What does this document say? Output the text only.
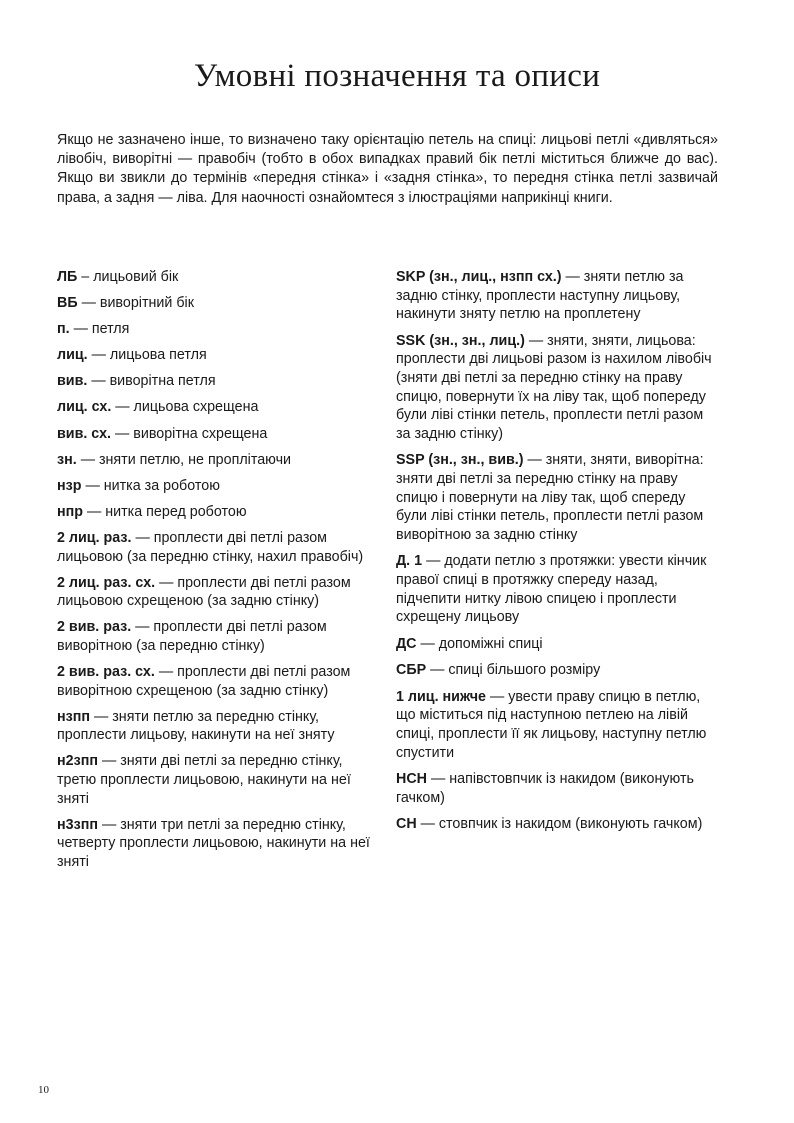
Умовні позначення та описи

Якщо не зазначено інше, то визначено таку орієнтацію петель на спиці: лицьові петлі «дивляться» лівобіч, виворітні — правобіч (тобто в обох випадках правий бік петлі міститься ближче до вас). Якщо ви звикли до термінів «передня стінка» і «задня стінка», то передня стінка петлі зазвичай права, а задня — ліва. Для наочності ознайомтеся з ілюстраціями наприкінці книги.

ЛБ – лицьовий бік

ВБ — виворітний бік

п. — петля

лиц. — лицьова петля

вив. — виворітна петля

лиц. сх. — лицьова схрещена

вив. сх. — виворітна схрещена

зн. — зняти петлю, не проплітаючи

нзр — нитка за роботою

нпр — нитка перед роботою

2 лиц. раз. — проплести дві петлі разом лицьовою (за передню стінку, нахил правобіч)

2 лиц. раз. сх. — проплести дві петлі разом лицьовою схрещеною (за задню стінку)

2 вив. раз. — проплести дві петлі разом виворітною (за передню стінку)

2 вив. раз. сх. — проплести дві петлі разом виворітною схрещеною (за задню стінку)

нзпп — зняти петлю за передню стінку, проплести лицьову, накинути на неї зняту

н2зпп — зняти дві петлі за передню стінку, третю проплести лицьовою, накинути на неї зняті

н3зпп — зняти три петлі за передню стінку, четверту проплести лицьовою, накинути на неї зняті

SKP (зн., лиц., нзпп сх.) — зняти петлю за задню стінку, проплести наступну лицьову, накинути зняту петлю на проплетену

SSK (зн., зн., лиц.) — зняти, зняти, лицьова: проплести дві лицьові разом із нахилом лівобіч (зняти дві петлі за передню стінку на праву спицю, повернути їх на ліву так, щоб попереду були ліві стінки петель, проплести петлі разом за задню стінку)

SSP (зн., зн., вив.) — зняти, зняти, виворітна: зняти дві петлі за передню стінку на праву спицю і повернути на ліву так, щоб спереду були ліві стінки петель, проплести петлі разом виворітною за задню стінку

Д. 1 — додати петлю з протяжки: увести кінчик правої спиці в протяжку спереду назад, підчепити нитку лівою спицею і проплести схрещену лицьову

ДС — допоміжні спиці

СБР — спиці більшого розміру

1 лиц. нижче — увести праву спицю в петлю, що міститься під наступною петлею на лівій спиці, проплести її як лицьову, наступну петлю спустити

НСН — напівстовпчик із накидом (виконують гачком)

СН — стовпчик із накидом (виконують гачком)

10
